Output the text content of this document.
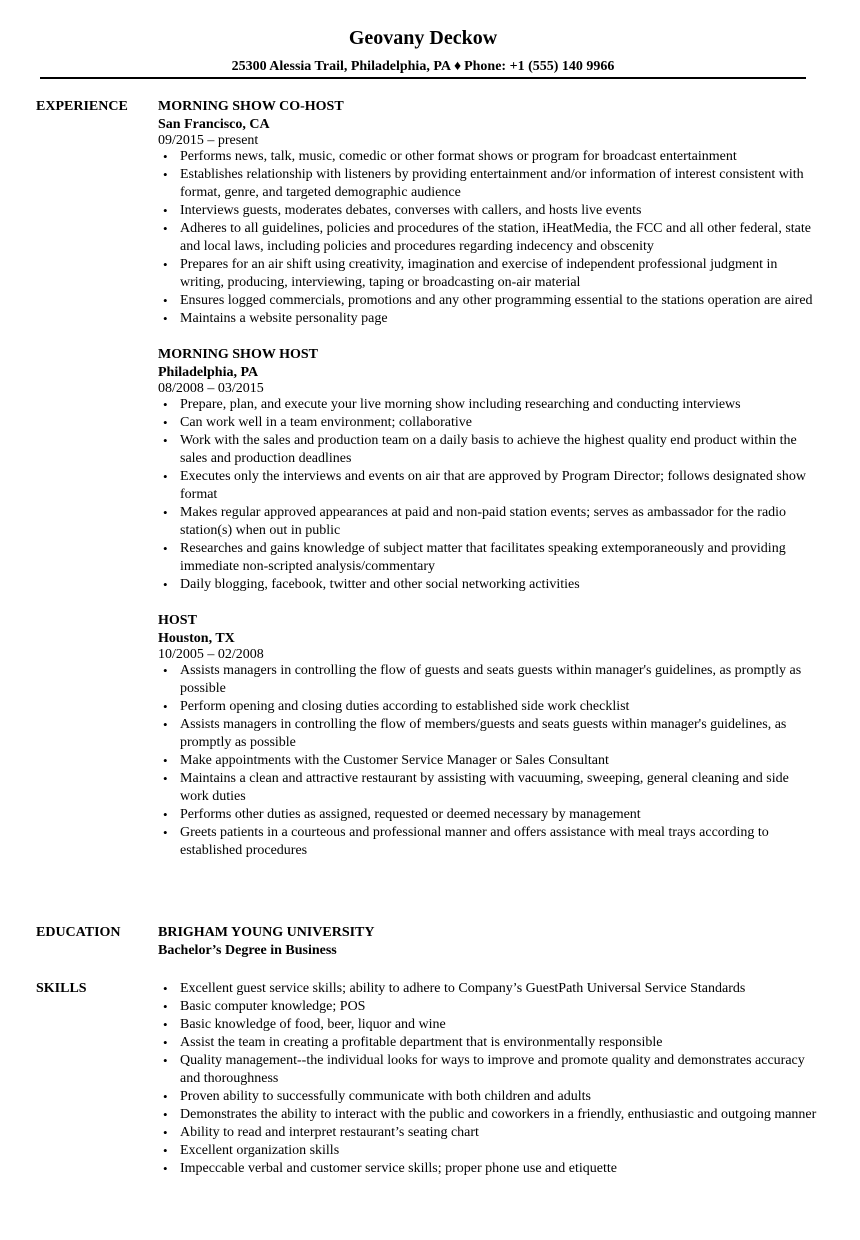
Geovany Deckow
25300 Alessia Trail, Philadelphia, PA ♦ Phone: +1 (555) 140 9966
EXPERIENCE MORNING SHOW CO-HOST
San Francisco, CA
09/2015 – present
• Performs news, talk, music, comedic or other format shows or program for broadcast entertainment
• Establishes relationship with listeners by providing entertainment and/or information of interest consistent with format, genre, and targeted demographic audience
• Interviews guests, moderates debates, converses with callers, and hosts live events
• Adheres to all guidelines, policies and procedures of the station, iHeatMedia, the FCC and all other federal, state and local laws, including policies and procedures regarding indecency and obscenity
• Prepares for an air shift using creativity, imagination and exercise of independent professional judgment in writing, producing, interviewing, taping or broadcasting on-air material
• Ensures logged commercials, promotions and any other programming essential to the stations operation are aired
• Maintains a website personality page
MORNING SHOW HOST
Philadelphia, PA
08/2008 – 03/2015
• Prepare, plan, and execute your live morning show including researching and conducting interviews
• Can work well in a team environment; collaborative
• Work with the sales and production team on a daily basis to achieve the highest quality end product within the sales and production deadlines
• Executes only the interviews and events on air that are approved by Program Director; follows designated show format
• Makes regular approved appearances at paid and non-paid station events; serves as ambassador for the radio station(s) when out in public
• Researches and gains knowledge of subject matter that facilitates speaking extemporaneously and providing immediate non-scripted analysis/commentary
• Daily blogging, facebook, twitter and other social networking activities
HOST
Houston, TX
10/2005 – 02/2008
• Assists managers in controlling the flow of guests and seats guests within manager's guidelines, as promptly as possible
• Perform opening and closing duties according to established side work checklist
• Assists managers in controlling the flow of members/guests and seats guests within manager's guidelines, as promptly as possible
• Make appointments with the Customer Service Manager or Sales Consultant
• Maintains a clean and attractive restaurant by assisting with vacuuming, sweeping, general cleaning and side work duties
• Performs other duties as assigned, requested or deemed necessary by management
• Greets patients in a courteous and professional manner and offers assistance with meal trays according to established procedures
EDUCATION	BRIGHAM YOUNG UNIVERSITY
Bachelor’s Degree in Business
SKILLS
•	Excellent guest service skills; ability to adhere to Company’s GuestPath Universal Service Standards
• Basic computer knowledge; POS
• Basic knowledge of food, beer, liquor and wine
• Assist the team in creating a profitable department that is environmentally responsible
• Quality management--the individual looks for ways to improve and promote quality and demonstrates accuracy and thoroughness
• Proven ability to successfully communicate with both children and adults
• Demonstrates the ability to interact with the public and coworkers in a friendly, enthusiastic and outgoing manner
• Ability to read and interpret restaurant’s seating chart
• Excellent organization skills
• Impeccable verbal and customer service skills; proper phone use and etiquette
